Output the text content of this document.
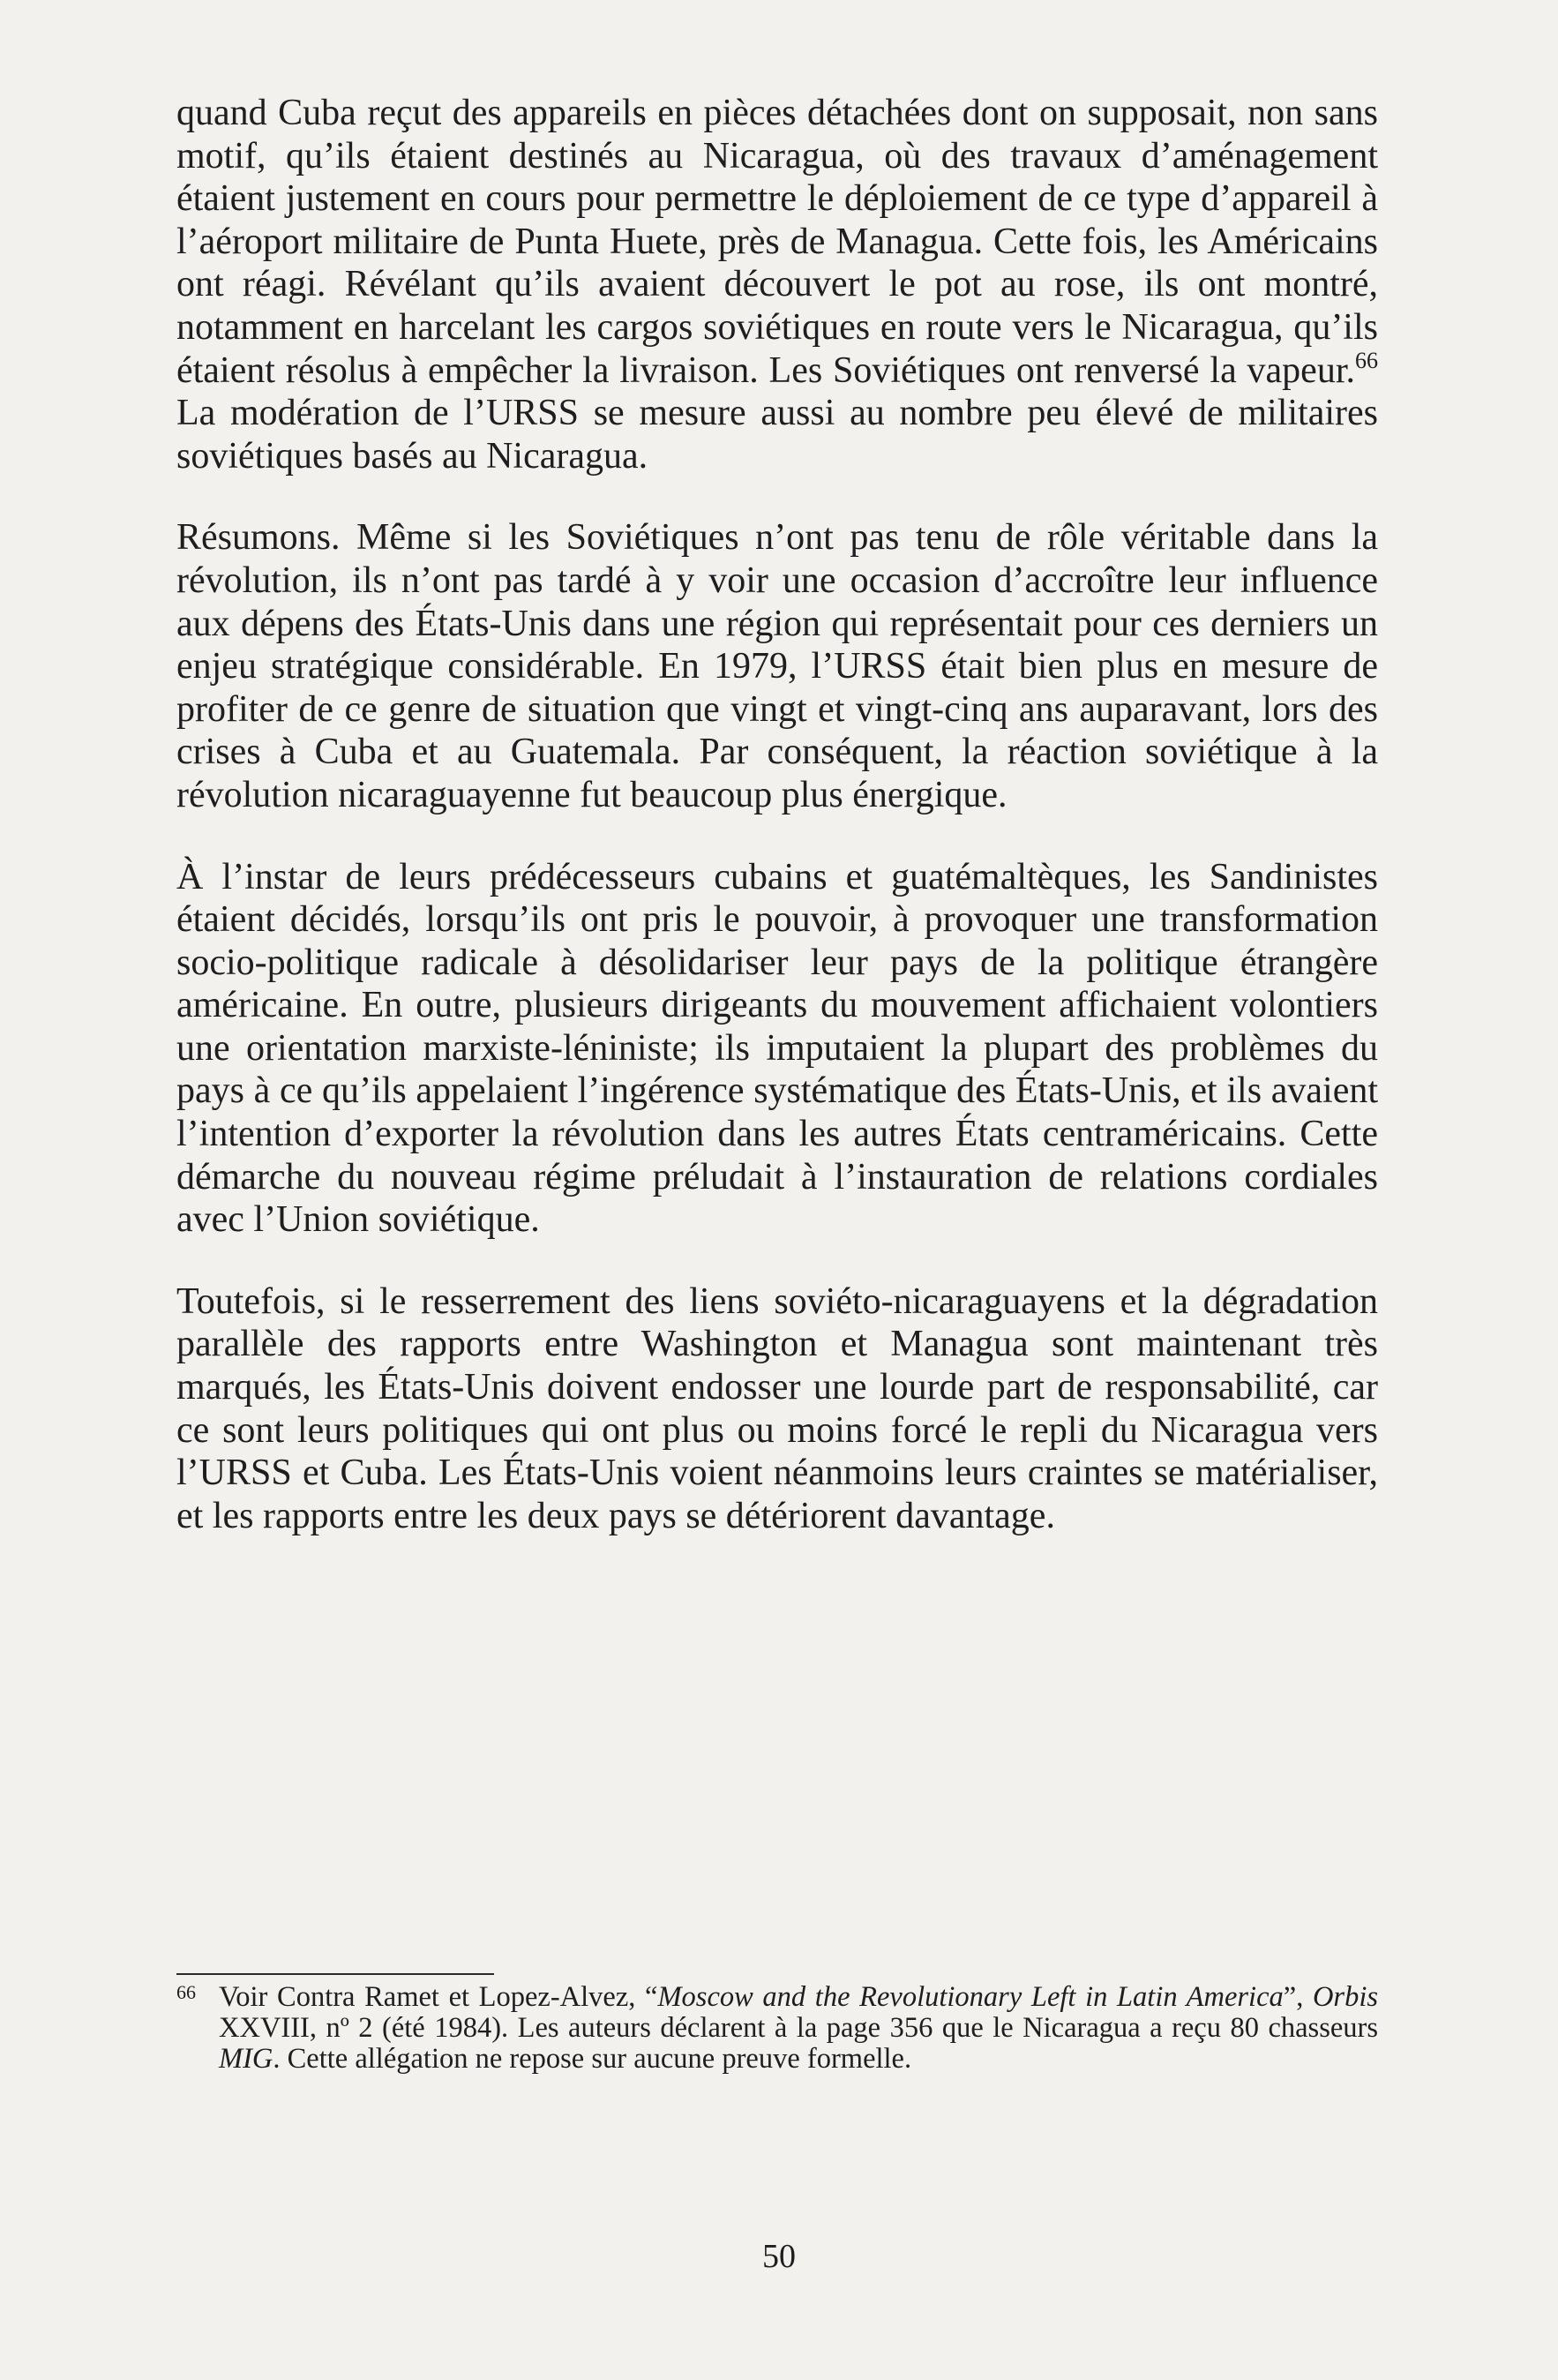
quand Cuba reçut des appareils en pièces détachées dont on supposait, non sans motif, qu’ils étaient destinés au Nicaragua, où des travaux d’aménagement étaient justement en cours pour permettre le déploiement de ce type d’appareil à l’aéroport militaire de Punta Huete, près de Managua. Cette fois, les Américains ont réagi. Révélant qu’ils avaient découvert le pot au rose, ils ont montré, notamment en harcelant les cargos soviétiques en route vers le Nicaragua, qu’ils étaient résolus à empêcher la livraison. Les Soviétiques ont renversé la vapeur.$^{66}$ La modération de l’URSS se mesure aussi au nombre peu élevé de militaires soviétiques basés au Nicaragua.

Résumons. Même si les Soviétiques n’ont pas tenu de rôle véritable dans la révolution, ils n’ont pas tardé à y voir une occasion d’accroître leur influence aux dépens des États-Unis dans une région qui représentait pour ces derniers un enjeu stratégique considérable. En 1979, l’URSS était bien plus en mesure de profiter de ce genre de situation que vingt et vingt-cinq ans auparavant, lors des crises à Cuba et au Guatemala. Par conséquent, la réaction soviétique à la révolution nicaraguayenne fut beaucoup plus énergique.

À l’instar de leurs prédécesseurs cubains et guatémaltèques, les Sandinistes étaient décidés, lorsqu’ils ont pris le pouvoir, à provoquer une transformation socio-politique radicale à désolidariser leur pays de la politique étrangère américaine. En outre, plusieurs dirigeants du mouvement affichaient volontiers une orientation marxiste-léniniste; ils imputaient la plupart des problèmes du pays à ce qu’ils appelaient l’ingérence systématique des États-Unis, et ils avaient l’intention d’exporter la révolution dans les autres États centraméricains. Cette démarche du nouveau régime préludait à l’instauration de relations cordiales avec l’Union soviétique.

Toutefois, si le resserrement des liens soviéto-nicaraguayens et la dégradation parallèle des rapports entre Washington et Managua sont maintenant très marqués, les États-Unis doivent endosser une lourde part de responsabilité, car ce sont leurs politiques qui ont plus ou moins forcé le repli du Nicaragua vers l’URSS et Cuba. Les États-Unis voient néanmoins leurs craintes se matérialiser, et les rapports entre les deux pays se détériorent davantage.

66 Voir Contra Ramet et Lopez-Alvez, “Moscow and the Revolutionary Left in Latin America”, Orbis XXVIII, nº 2 (été 1984). Les auteurs déclarent à la page 356 que le Nicaragua a reçu 80 chasseurs MIG. Cette allégation ne repose sur aucune preuve formelle.
50
